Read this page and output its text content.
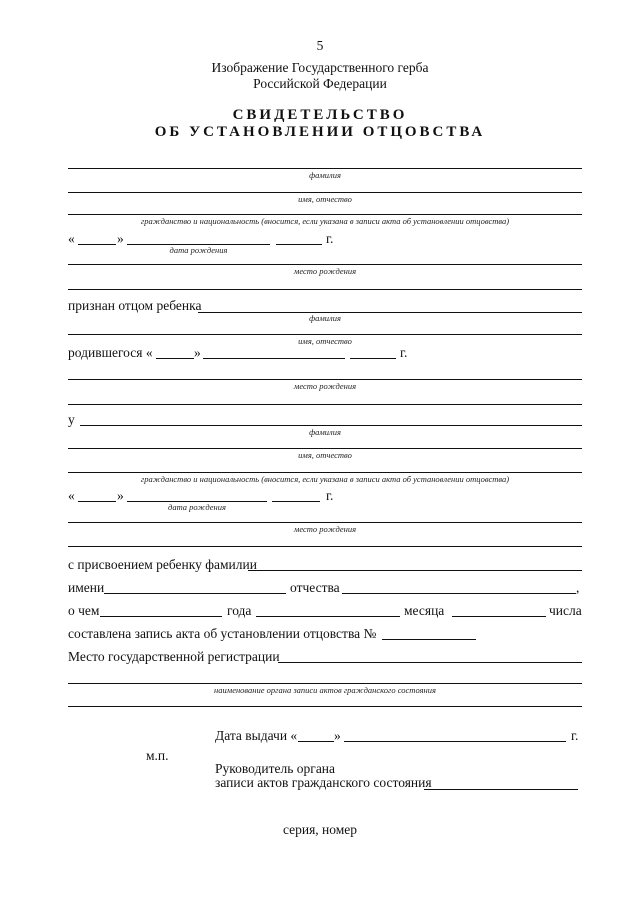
5
Изображение Государственного герба
Российской Федерации
СВИДЕТЕЛЬСТВО
ОБ УСТАНОВЛЕНИИ ОТЦОВСТВА
фамилия
имя, отчество
гражданство и национальность (вносится, если указана в записи акта об установлении отцовства)
«	»	г.
дата рождения
место рождения
признан отцом ребенка
фамилия
имя, отчество
родившегося «	»	г.
место рождения
у
фамилия
имя, отчество
гражданство и национальность (вносится, если указана в записи акта об установлении отцовства)
«	»	г.
дата рождения
место рождения
с присвоением ребенку фамилии
имени	отчества	,
о чем	года	месяца	числа
составлена запись акта об установлении отцовства №
Место государственной регистрации
наименование органа записи актов гражданского состояния
Дата выдачи «	»	г.
м.п.
Руководитель органа
записи актов гражданского состояния
серия, номер
